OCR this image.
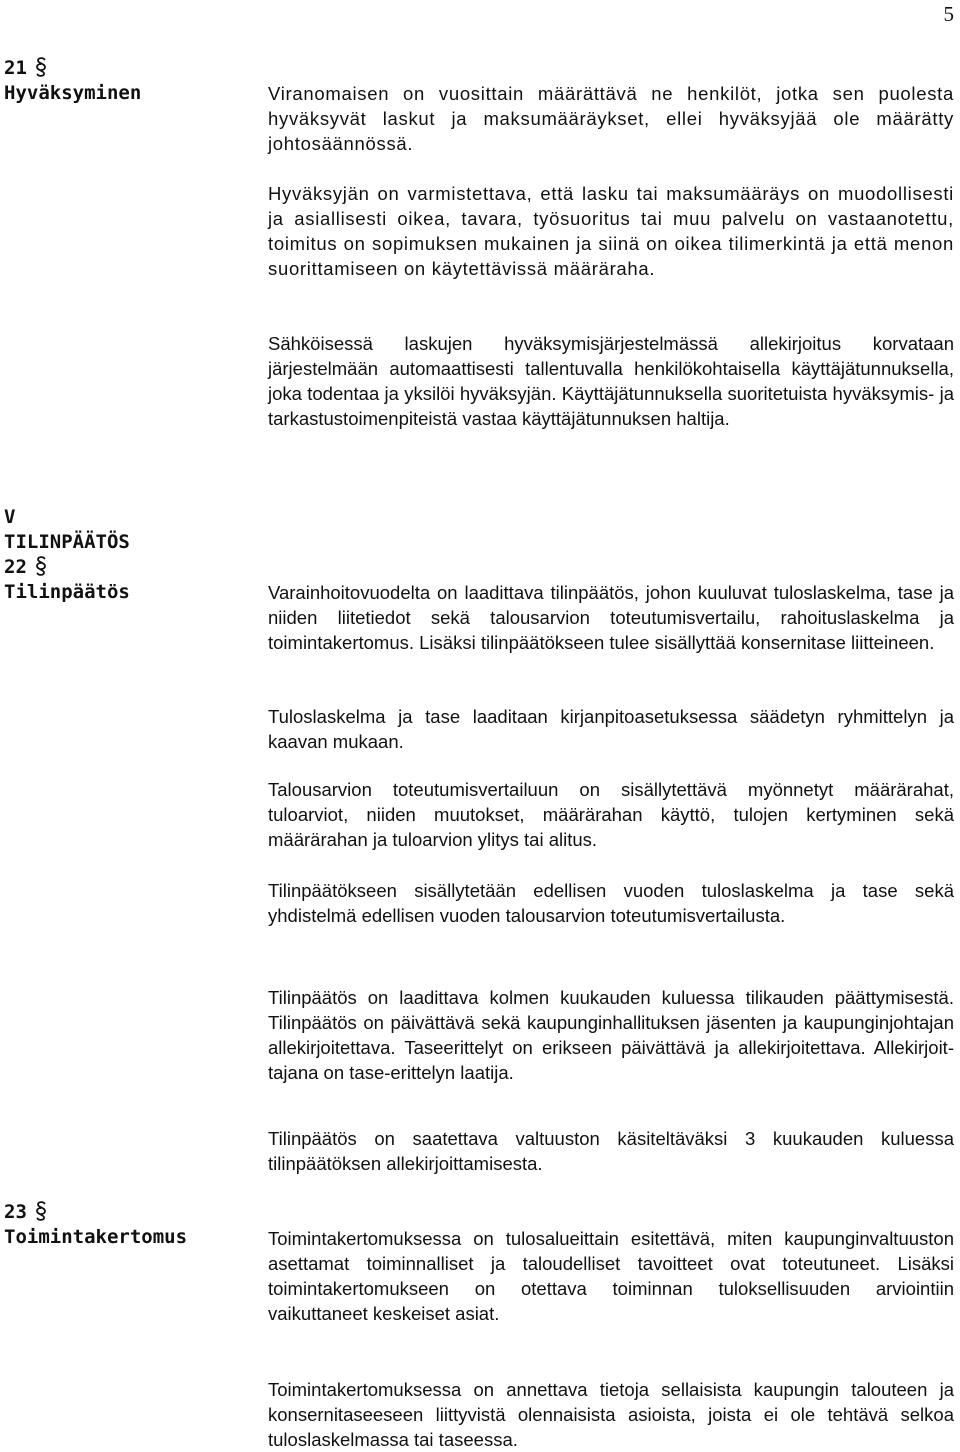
5
21
Hyväksyminen	Viranomaisen on vuosittain määrättävä ne henkilöt, jotka sen puolesta hyväksyvät laskut ja maksumääräykset, ellei hyväksyjää ole määrätty johtosäännössä.
Hyväksyjän on varmistettava, että lasku tai maksumääräys on muodollisesti ja asiallisesti oikea, tavara, työsuoritus tai muu palvelu on vastaanotettu, toimitus on sopimuksen mukainen ja siinä on oikea tilimerkintä ja että menon suorittamiseen on käytettävissä määräraha.
Sähköisessä laskujen hyväksymisjärjestelmässä allekirjoitus korvataan järjestelmään automaattisesti tallentuvalla henkilökohtaisella käyttäjätunnuksella, joka todentaa ja yksilöi hyväksyjän. Käyttäjätunnuksella suoritetuista hyväksymis- ja tarkastustoimenpiteistä vastaa käyttäjätunnuksen haltija.
V
TILINPÄÄTÖS
22
Tilinpäätös	Varainhoitovuodelta on laadittava tilinpäätös, johon kuuluvat tuloslaskelma, tase ja niiden liitetiedot sekä talousarvion toteutumisvertailu, rahoituslaskelma ja toimintakertomus. Lisäksi tilinpäätökseen tulee sisällyttää konsernitase liitteineen.
Tuloslaskelma ja tase laaditaan kirjanpitoasetuksessa säädetyn ryhmittelyn ja kaavan mukaan.
Talousarvion toteutumisvertailuun on sisällytettävä myönnetyt määrärahat, tuloarviot, niiden muutokset, määrärahan käyttö, tulojen kertyminen sekä määrärahan ja tuloarvion ylitys tai alitus.
Tilinpäätökseen sisällytetään edellisen vuoden tuloslaskelma ja tase sekä yhdistelmä edellisen vuoden talousarvion toteutumisvertailusta.
Tilinpäätös on laadittava kolmen kuukauden kuluessa tilikauden päättymisestä. Tilinpäätös on päivättävä sekä kaupunginhallituksen jäsenten ja kaupunginjohtajan allekirjoitettava. Taseerittelyt on erikseen päivättävä ja allekirjoitettava. Allekirjoittajana on tase-erittelyn laatija.
Tilinpäätös on saatettava valtuuston käsiteltäväksi 3 kuukauden kuluessa tilinpäätöksen allekirjoittamisesta.
23
Toimintakertomus	Toimintakertomuksessa on tulosalueittain esitettävä, miten kaupunginvaltuuston asettamat toiminnalliset ja taloudelliset tavoitteet ovat toteutuneet. Lisäksi toimintakertomukseen on otettava toiminnan tuloksellisuuden arviointiin vaikuttaneet keskeiset asiat.
Toimintakertomuksessa on annettava tietoja sellaisista kaupungin talouteen ja konsernitaseeseen liittyvistä olennaisista asioista, joista ei ole tehtävä selkoa tuloslaskelmassa tai taseessa.
